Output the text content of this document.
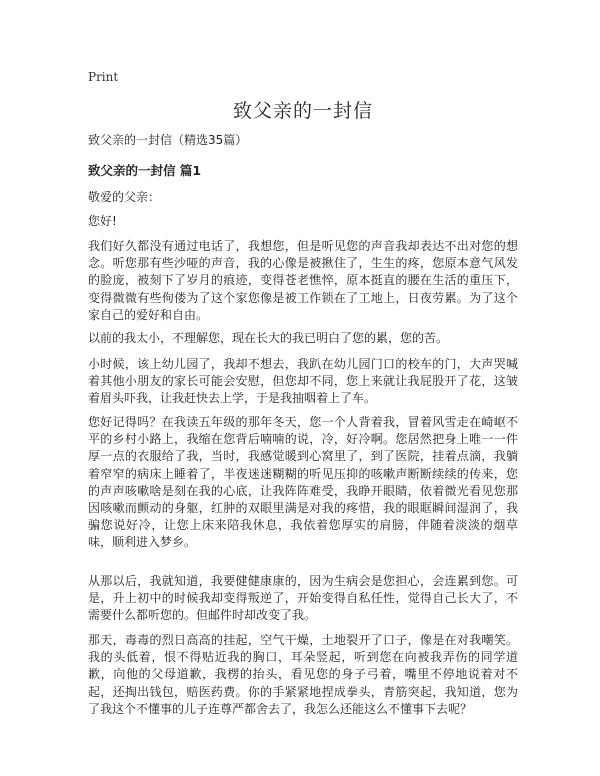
Print
致父亲的一封信
致父亲的一封信（精选35篇）
致父亲的一封信 篇1
敬爱的父亲：
您好!
我们好久都没有通过电话了，我想您，但是听见您的声音我却表达不出对您的想念。听您那有些沙哑的声音，我的心像是被揪住了，生生的疼，您原本意气风发的脸庞，被刻下了岁月的痕迹，变得苍老憔悴，原本挺直的腰在生活的重压下，变得微微有些佝偻为了这个家您像是被工作锁在了工地上，日夜劳累。为了这个家自己的爱好和自由。
以前的我太小，不理解您，现在长大的我已明白了您的累，您的苦。
小时候，该上幼儿园了，我却不想去，我趴在幼儿园门口的校车的门，大声哭喊着其他小朋友的家长可能会安慰，但您却不同，您上来就让我屁股开了花，这皱着眉头吓我，让我赶快去上学，于是我抽咽着上了车。
您好记得吗？在我读五年级的那年冬天，您一个人背着我，冒着风雪走在崎岖不平的乡村小路上，我缩在您背后喃喃的说，冷，好冷啊。您居然把身上唯一一件厚一点的衣服给了我，当时，我感觉暖到心窝里了，到了医院，挂着点滴，我躺着窄窄的病床上睡着了，半夜迷迷糊糊的听见压抑的咳嗽声断断续续的传来，您的声声咳嗽啥是刻在我的心底，让我阵阵难受，我睁开眼睛，依着微光看见您那因咳嗽而颤动的身躯，红肿的双眼里满是对我的疼惜，我的眼眶瞬间湿润了，我骗您说好冷，让您上床来陪我休息，我依着您厚实的肩膀，伴随着淡淡的烟草味，顺利进入梦乡。
从那以后，我就知道，我要健健康康的，因为生病会是您担心，会连累到您。可是，升上初中的时候我却变得叛逆了，开始变得自私任性，觉得自己长大了，不需要什么都听您的。但邮件时却改变了我。
那天，毒毒的烈日高高的挂起，空气干燥，土地裂开了口子，像是在对我嘲笑。我的头低着，恨不得贴近我的胸口，耳朵竖起，听到您在向被我弄伤的同学道歉，向他的父母道歉，我楞的抬头，看见您的身子弓着，嘴里不停地说着对不起，还掏出钱包，赔医药费。你的手紧紧地捏成拳头，青筋突起，我知道，您为了我这个不懂事的儿子连尊严都舍去了，我怎么还能这么不懂事下去呢？
